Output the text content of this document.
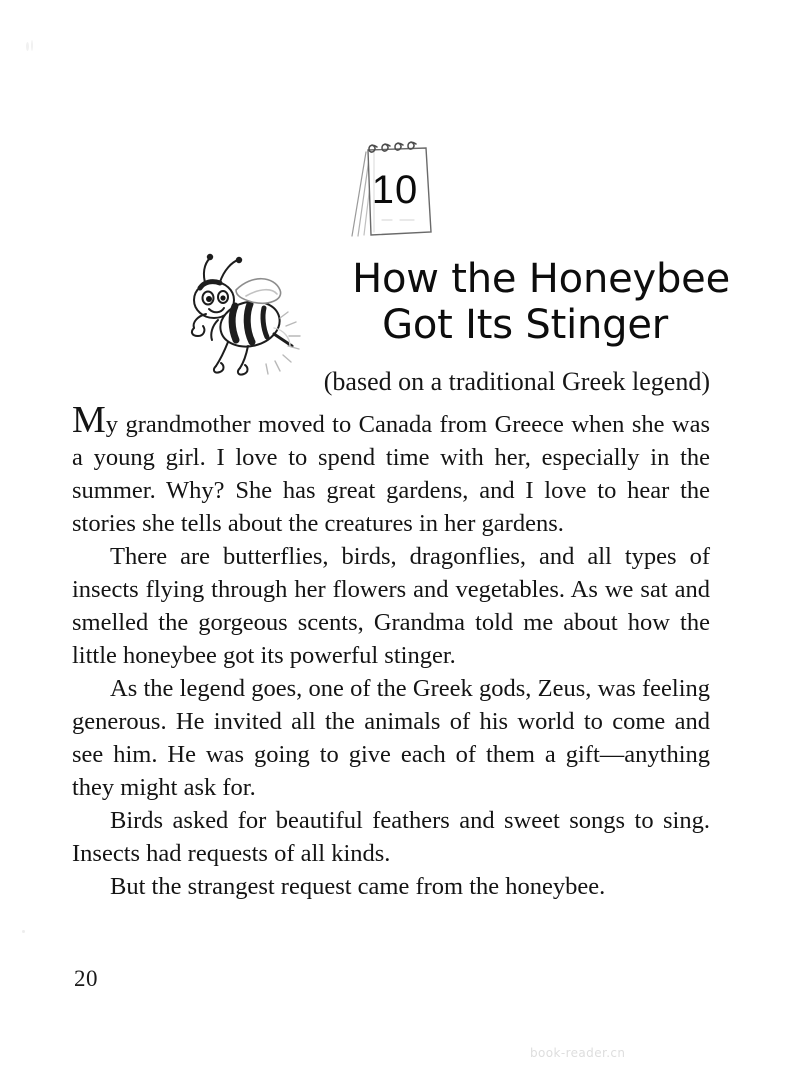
10
How the Honeybee
Got Its Stinger
(based on a traditional Greek legend)

My grandmother moved to Canada from Greece when she was a young girl. I love to spend time with her, especially in the summer. Why? She has great gardens, and I love to hear the stories she tells about the creatures in her gardens.

There are butterflies, birds, dragonflies, and all types of insects flying through her flowers and vegetables. As we sat and smelled the gorgeous scents, Grandma told me about how the little honeybee got its powerful stinger.

As the legend goes, one of the Greek gods, Zeus, was feeling generous. He invited all the animals of his world to come and see him. He was going to give each of them a gift—anything they might ask for.

Birds asked for beautiful feathers and sweet songs to sing. Insects had requests of all kinds.

But the strangest request came from the honeybee.

20
book-reader.cn
